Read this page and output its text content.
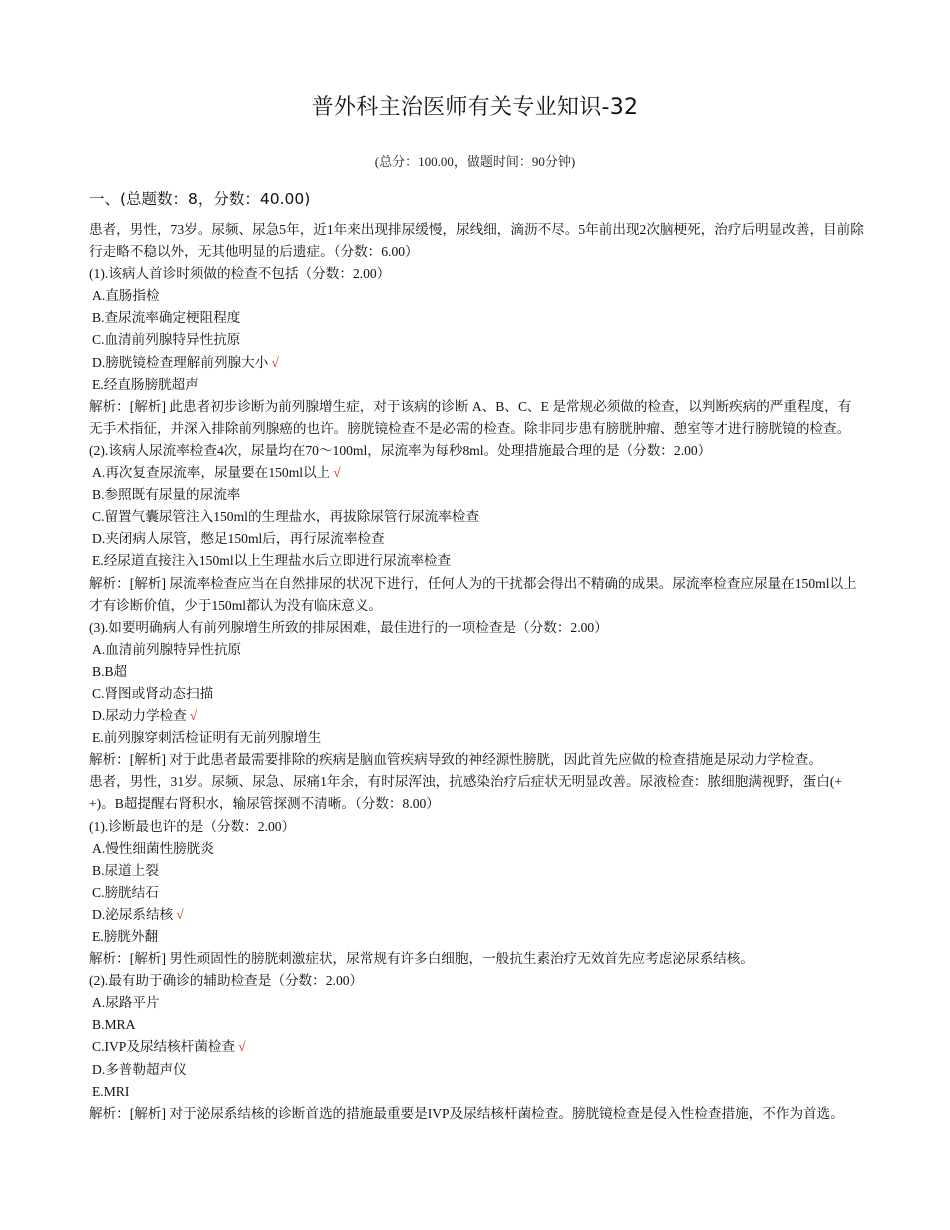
普外科主治医师有关专业知识-32
(总分：100.00，做题时间：90分钟)
一、(总题数：8，分数：40.00)
患者，男性，73岁。尿频、尿急5年，近1年来出现排尿缓慢，尿线细，滴沥不尽。5年前出现2次脑梗死，治疗后明显改善，目前除行走略不稳以外，无其他明显的后遗症。（分数：6.00）
(1).该病人首诊时须做的检查不包括（分数：2.00）
A.直肠指检
B.查尿流率确定梗阻程度
C.血清前列腺特异性抗原
D.膀胱镜检查理解前列腺大小 √
E.经直肠膀胱超声
解析：[解析] 此患者初步诊断为前列腺增生症，对于该病的诊断 A、B、C、E 是常规必须做的检查，以判断疾病的严重程度，有无手术指征，并深入排除前列腺癌的也许。膀胱镜检查不是必需的检查。除非同步患有膀胱肿瘤、憩室等才进行膀胱镜的检查。
(2).该病人尿流率检查4次，尿量均在70～100ml，尿流率为每秒8ml。处理措施最合理的是（分数：2.00）
A.再次复查尿流率，尿量要在150ml以上 √
B.参照既有尿量的尿流率
C.留置气囊尿管注入150ml的生理盐水，再拔除尿管行尿流率检查
D.夹闭病人尿管，憋足150ml后，再行尿流率检查
E.经尿道直接注入150ml以上生理盐水后立即进行尿流率检查
解析：[解析] 尿流率检查应当在自然排尿的状况下进行，任何人为的干扰都会得出不精确的成果。尿流率检查应尿量在150ml以上才有诊断价值，少于150ml都认为没有临床意义。
(3).如要明确病人有前列腺增生所致的排尿困难，最佳进行的一项检查是（分数：2.00）
A.血清前列腺特异性抗原
B.B超
C.肾图或肾动态扫描
D.尿动力学检查 √
E.前列腺穿刺活检证明有无前列腺增生
解析：[解析] 对于此患者最需要排除的疾病是脑血管疾病导致的神经源性膀胱，因此首先应做的检查措施是尿动力学检查。
患者，男性，31岁。尿频、尿急、尿痛1年余，有时尿浑浊，抗感染治疗后症状无明显改善。尿液检查：脓细胞满视野，蛋白(++)。B超提醒右肾积水，输尿管探测不清晰。（分数：8.00）
(1).诊断最也许的是（分数：2.00）
A.慢性细菌性膀胱炎
B.尿道上裂
C.膀胱结石
D.泌尿系结核 √
E.膀胱外翻
解析：[解析] 男性顽固性的膀胱刺激症状，尿常规有许多白细胞，一般抗生素治疗无效首先应考虑泌尿系结核。
(2).最有助于确诊的辅助检查是（分数：2.00）
A.尿路平片
B.MRA
C.IVP及尿结核杆菌检查 √
D.多普勒超声仪
E.MRI
解析：[解析] 对于泌尿系结核的诊断首选的措施最重要是IVP及尿结核杆菌检查。膀胱镜检查是侵入性检查措施，不作为首选。
